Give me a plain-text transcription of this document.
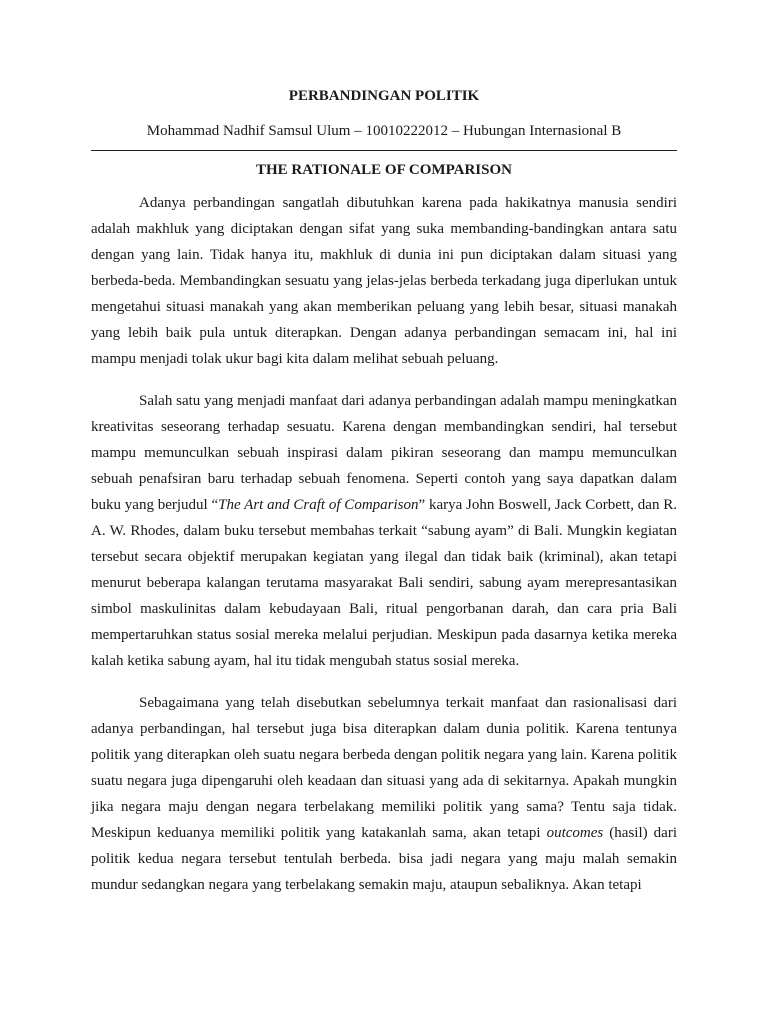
PERBANDINGAN POLITIK
Mohammad Nadhif Samsul Ulum – 10010222012 – Hubungan Internasional B
THE RATIONALE OF COMPARISON

Adanya perbandingan sangatlah dibutuhkan karena pada hakikatnya manusia sendiri adalah makhluk yang diciptakan dengan sifat yang suka membanding-bandingkan antara satu dengan yang lain. Tidak hanya itu, makhluk di dunia ini pun diciptakan dalam situasi yang berbeda-beda. Membandingkan sesuatu yang jelas-jelas berbeda terkadang juga diperlukan untuk mengetahui situasi manakah yang akan memberikan peluang yang lebih besar, situasi manakah yang lebih baik pula untuk diterapkan. Dengan adanya perbandingan semacam ini, hal ini mampu menjadi tolak ukur bagi kita dalam melihat sebuah peluang.

Salah satu yang menjadi manfaat dari adanya perbandingan adalah mampu meningkatkan kreativitas seseorang terhadap sesuatu. Karena dengan membandingkan sendiri, hal tersebut mampu memunculkan sebuah inspirasi dalam pikiran seseorang dan mampu memunculkan sebuah penafsiran baru terhadap sebuah fenomena. Seperti contoh yang saya dapatkan dalam buku yang berjudul “The Art and Craft of Comparison” karya John Boswell, Jack Corbett, dan R. A. W. Rhodes, dalam buku tersebut membahas terkait “sabung ayam” di Bali. Mungkin kegiatan tersebut secara objektif merupakan kegiatan yang ilegal dan tidak baik (kriminal), akan tetapi menurut beberapa kalangan terutama masyarakat Bali sendiri, sabung ayam merepresantasikan simbol maskulinitas dalam kebudayaan Bali, ritual pengorbanan darah, dan cara pria Bali mempertaruhkan status sosial mereka melalui perjudian. Meskipun pada dasarnya ketika mereka kalah ketika sabung ayam, hal itu tidak mengubah status sosial mereka.

Sebagaimana yang telah disebutkan sebelumnya terkait manfaat dan rasionalisasi dari adanya perbandingan, hal tersebut juga bisa diterapkan dalam dunia politik. Karena tentunya politik yang diterapkan oleh suatu negara berbeda dengan politik negara yang lain. Karena politik suatu negara juga dipengaruhi oleh keadaan dan situasi yang ada di sekitarnya. Apakah mungkin jika negara maju dengan negara terbelakang memiliki politik yang sama? Tentu saja tidak. Meskipun keduanya memiliki politik yang katakanlah sama, akan tetapi outcomes (hasil) dari politik kedua negara tersebut tentulah berbeda. bisa jadi negara yang maju malah semakin mundur sedangkan negara yang terbelakang semakin maju, ataupun sebaliknya. Akan tetapi
